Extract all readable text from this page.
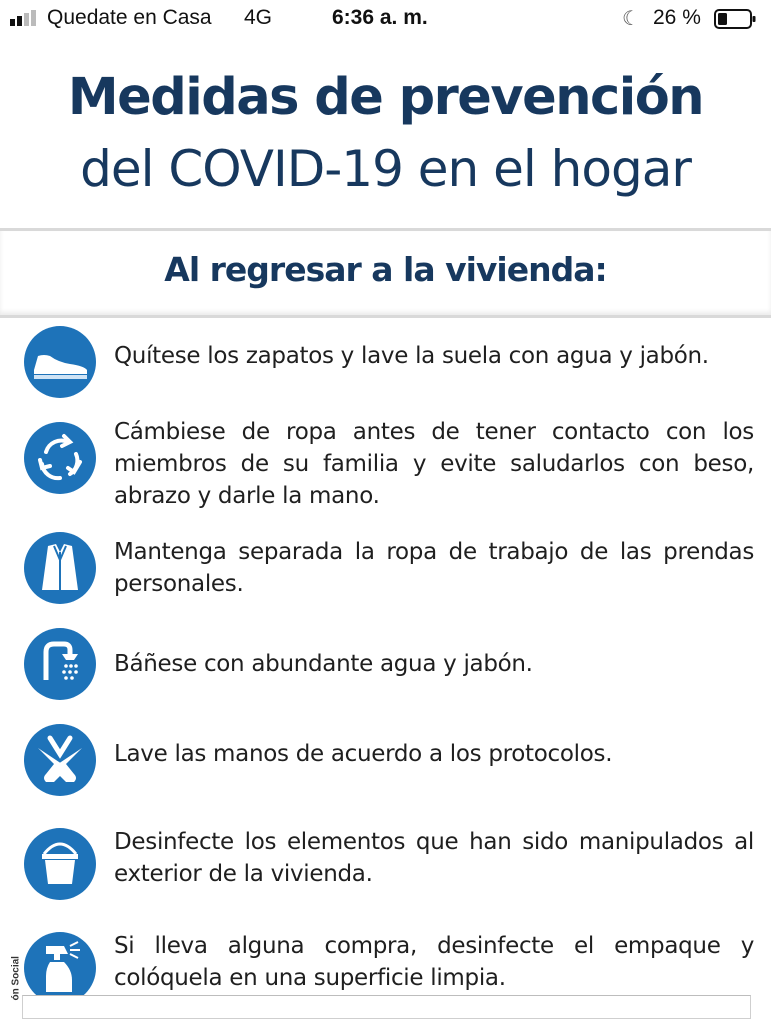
Quedate en Casa 4G	6:36 a. m.	☾ 26 %
Medidas de prevención
del COVID-19 en el hogar
Al regresar a la vivienda:
Quítese los zapatos y lave la suela con agua y jabón.
Cámbiese de ropa antes de tener contacto con los miembros de su familia y evite saludarlos con beso, abrazo y darle la mano.
Mantenga separada la ropa de trabajo de las prendas personales.
Báñese con abundante agua y jabón.
Lave las manos de acuerdo a los protocolos.
Desinfecte los elementos que han sido manipulados al exterior de la vivienda.
Si lleva alguna compra, desinfecte el empaque y colóquela en una superficie limpia.
ón Social
